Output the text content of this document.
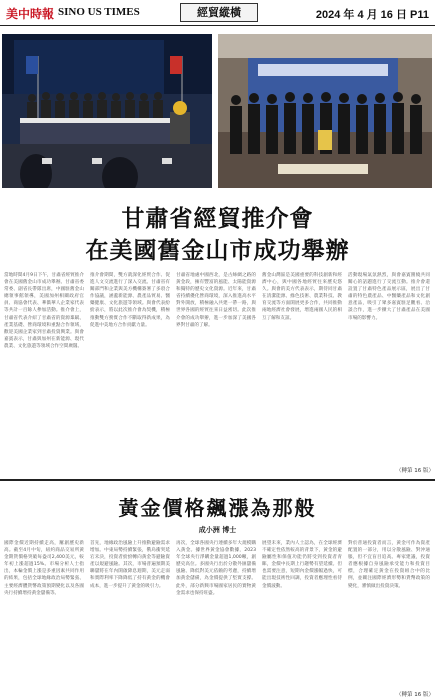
美中時報 SINO US TIMES	經貿縱橫	2024 年 4 月 16 日 P11
甘肅省經貿推介會
在美國舊金山市成功舉辦
當地時間4月9日下午，甘肅省經貿推介會在美國舊金山市成功舉辦。甘肅省委常委、副省長帶隊出席，中國駐舊金山總領事館領導，美國加州相關政府官員、商協會代表、華僑華人企業家代表等共計一百餘人參加活動。推介會上，甘肅省代表介紹了甘肅省的資源稟賦、產業基礎、營商環境和重點合作領域，歡迎美國企業家到甘肅投資興業。與會嘉賓表示，甘肅與加州在新能源、現代農業、文化旅遊等領域合作空間廣闊。
推介會期間，雙方就深化經貿合作、促進人文交流進行了深入交流。甘肅省有關部門和企業與美方機構簽署了多項合作協議，涵蓋新能源、農產品貿易、醫藥健康、文化旅遊等領域。與會代表紛紛表示，將以此次推介會為契機，積極推動雙方務實合作不斷取得新成果，為促進中美地方合作貢獻力量。
甘肅省地處中國西北，是古絲綢之路的黃金段，擁有豐富的風能、太陽能資源和獨特的歷史文化資源。近年來，甘肅省持續優化營商環境，深入推進高水平對外開放，積極融入共建一帶一路，與世界各國的經貿往來日益密切。此次推介會的成功舉辦，進一步加深了美國各界對甘肅的了解。
舊金山灣區是美國重要的科技創新和經濟中心，與中國各地經貿往來歷史悠久。與會的美方代表表示，期待同甘肅在清潔能源、綠色技術、農業科技、教育交流等方面開展更多合作，共同推動兩地經濟社會發展，增進兩國人民的相互了解和友誼。
活動現場氣氛熱烈，與會嘉賓圍繞共同關心的話題進行了交流互動。推介會還設置了甘肅特色產品展示區，展出了甘肅的特色農產品、中醫藥產品和文化創意產品，吸引了眾多嘉賓駐足觀看、洽談合作，進一步擴大了甘肅產品在美國市場的影響力。
（轉第 16 版）
黃金價格飆漲為那般
成小洲 博士
國際金價近期持續走高，屢創歷史新高。截至4月中旬，紐約商品交易所黃金期貨價格突破每盎司2,400美元，較年初上漲超過15%。市場分析人士指出，本輪金價上漲是多重因素共同作用的結果，包括全球地緣政治局勢緊張、主要經濟體貨幣政策預期變化以及各國央行持續增持黃金儲備等。
首先，地緣政治風險上升推動避險需求增加。中東局勢持續緊張，俄烏衝突延宕未決，投資者紛紛轉向黃金等避險資產以規避風險。其次，市場普遍預期美聯儲將在年內開啟降息週期，美元走弱和實際利率下降降低了持有黃金的機會成本，進一步提升了黃金的吸引力。
再次，全球各國央行連續多年大規模購入黃金。據世界黃金協會數據，2023年全球央行淨購金量超過1,000噸，創歷史高位。多國央行出於分散外匯儲備風險、降低對美元依賴的考慮，持續增加黃金儲備，為金價提供了堅實支撐。此外，部分新興市場國家居民的實物黃金需求也保持旺盛。
展望未來，業內人士認為，在全球經濟不確定性依然較高的背景下，黃金的避險屬性和保值功能仍將受到投資者青睞，金價中長期上行趨勢有望延續。但也需要注意，短期內金價漲幅過快，可能出現技術性回調，投資者應理性看待金價波動。
對於普通投資者而言，黃金可作為資產配置的一部分，用以分散風險、對沖通脹，但不宜盲目追高。專家建議，投資者應根據自身風險承受能力和投資目標，合理確定黃金在投資組合中的比例，並關注國際經濟形勢和貨幣政策的變化，審慎做出投資決策。
（轉第 16 版）
